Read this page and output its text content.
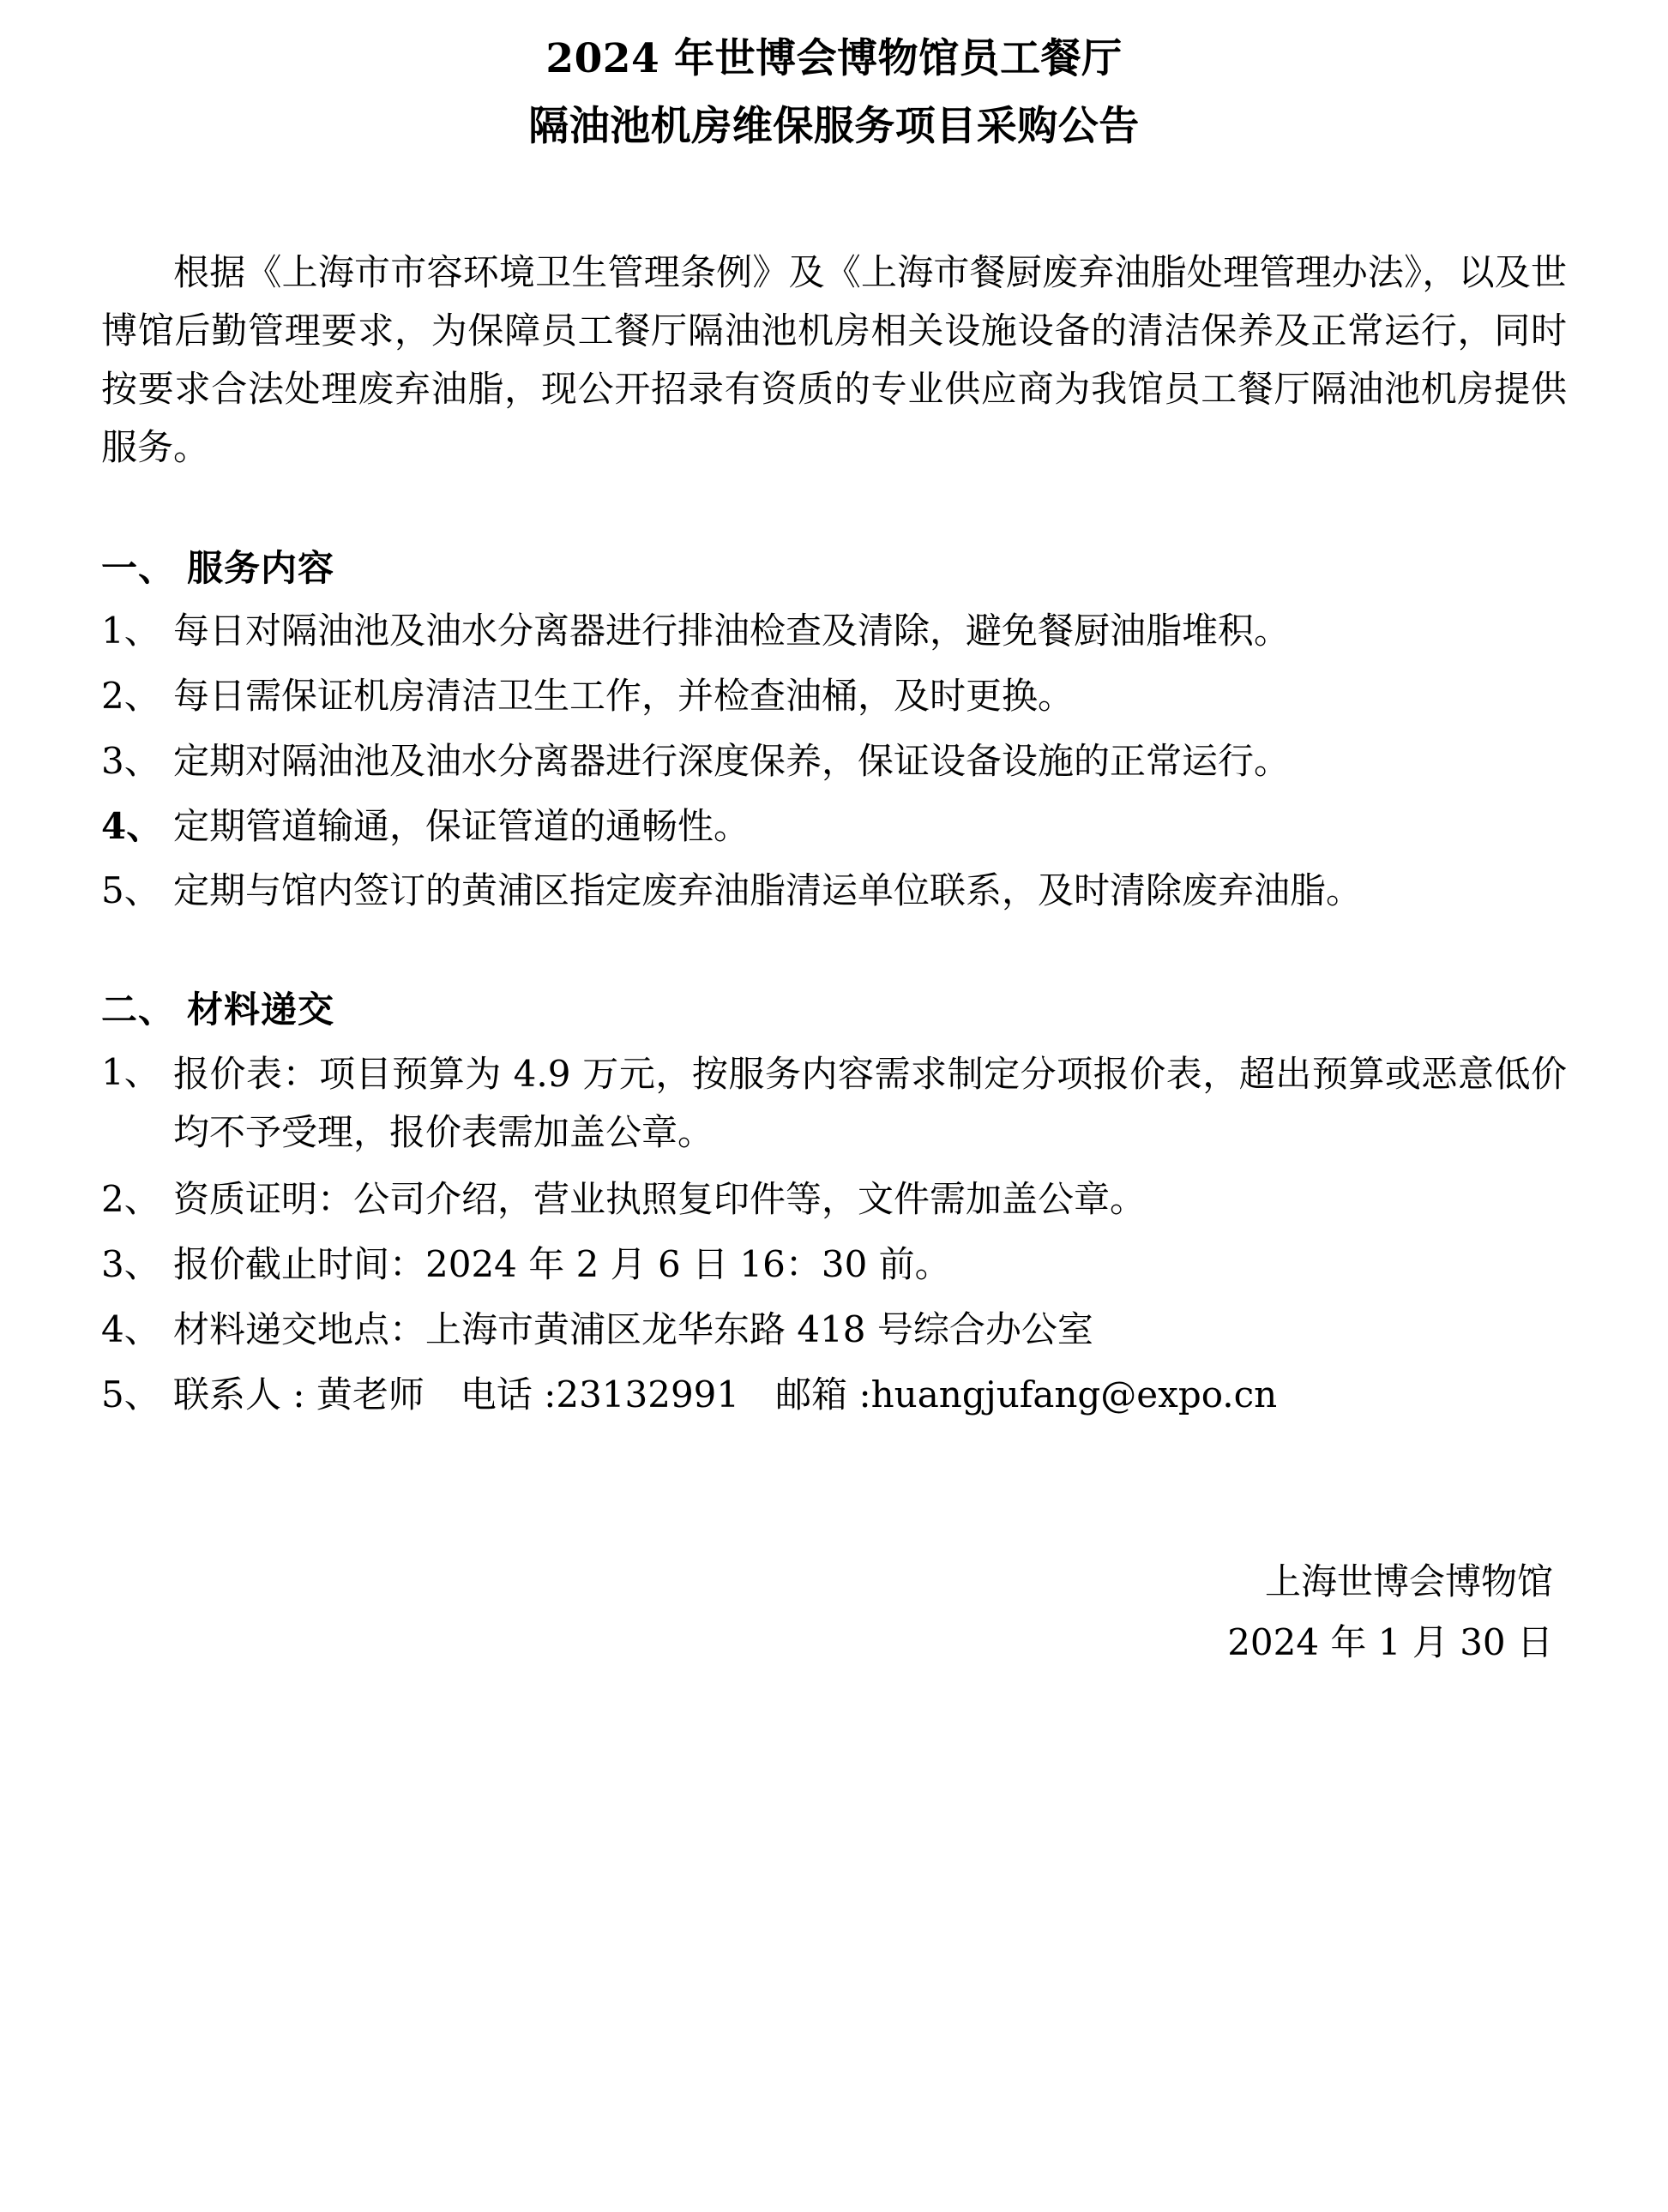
2024 年世博会博物馆员工餐厅
隔油池机房维保服务项目采购公告

根据《上海市市容环境卫生管理条例》及《上海市餐厨废弃油脂处理管理办法》，以及世博馆后勤管理要求，为保障员工餐厅隔油池机房相关设施设备的清洁保养及正常运行，同时按要求合法处理废弃油脂，现公开招录有资质的专业供应商为我馆员工餐厅隔油池机房提供服务。

一、 服务内容
1、 每日对隔油池及油水分离器进行排油检查及清除，避免餐厨油脂堆积。
2、 每日需保证机房清洁卫生工作，并检查油桶，及时更换。
3、 定期对隔油池及油水分离器进行深度保养，保证设备设施的正常运行。
4、 定期管道输通，保证管道的通畅性。
5、 定期与馆内签订的黄浦区指定废弃油脂清运单位联系，及时清除废弃油脂。
二、 材料递交
1、 报价表：项目预算为 4.9 万元，按服务内容需求制定分项报价表，超出预算或恶意低价均不予受理，报价表需加盖公章。
2、 资质证明：公司介绍，营业执照复印件等，文件需加盖公章。
3、 报价截止时间：2024 年 2 月 6 日 16：30 前。
4、 材料递交地点：上海市黄浦区龙华东路 418 号综合办公室
5、 联系人 : 黄老师　电话 :23132991　邮箱 :huangjufang@expo.cn
上海世博会博物馆
2024 年 1 月 30 日
